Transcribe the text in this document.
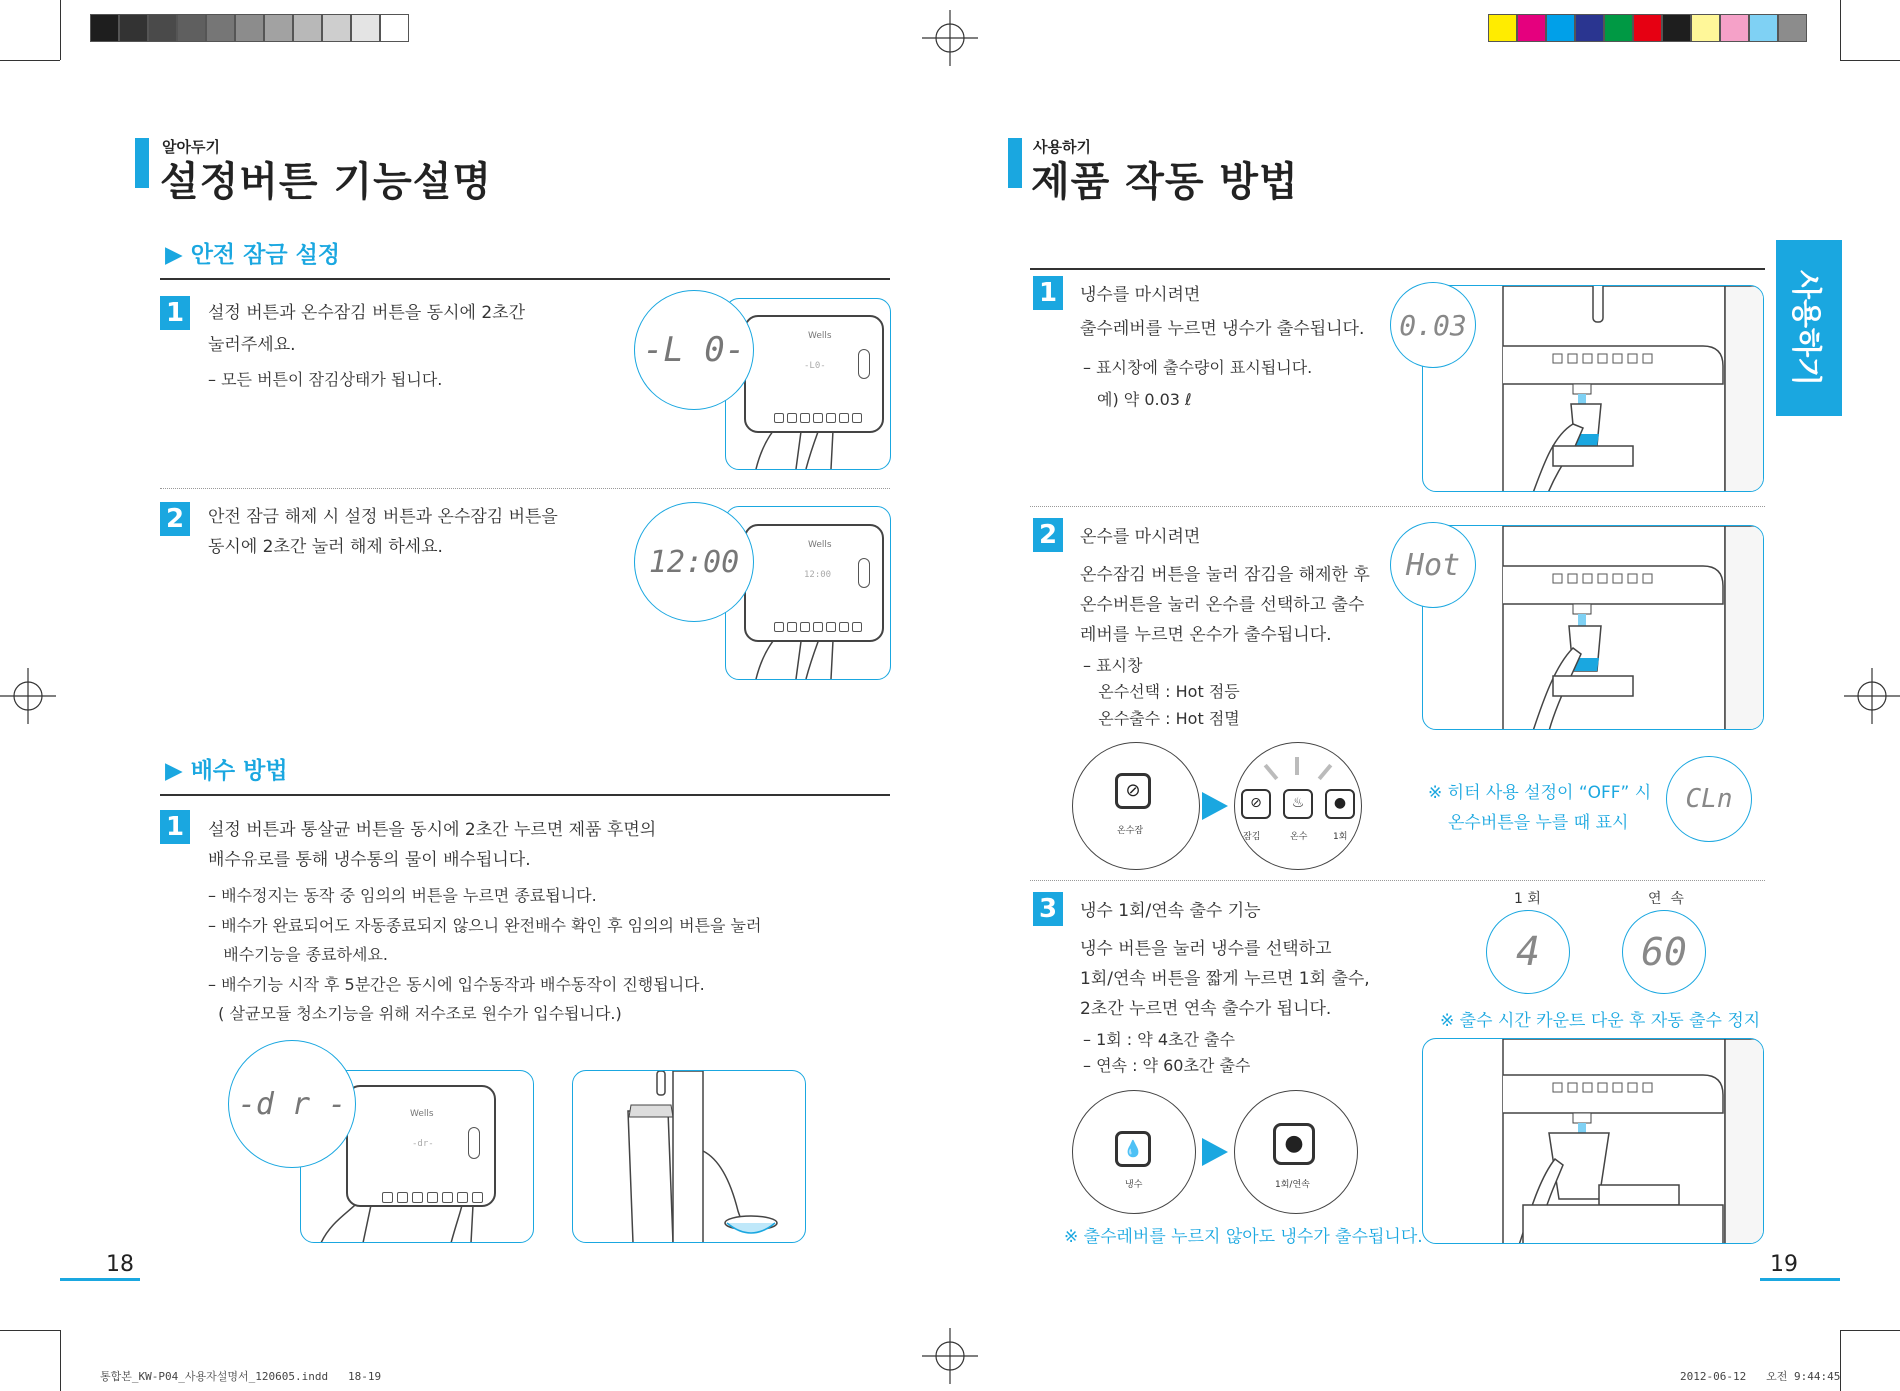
알아두기
설정버튼 기능설명
▶ 안전 잠금 설정
1	설정 버튼과 온수잠김 버튼을 동시에 2초간
눌러주세요.
– 모든 버튼이 잠김상태가 됩니다.
Wells
-L0-
-L 0-
2	안전 잠금 해제 시 설정 버튼과 온수잠김 버튼을
동시에 2초간 눌러 해제 하세요.	Wells
12:00
12:00
▶ 배수 방법
1	설정 버튼과 통살균 버튼을 동시에 2초간 누르면 제품 후면의
배수유로를 통해 냉수통의 물이 배수됩니다.
– 배수정지는 동작 중 임의의 버튼을 누르면 종료됩니다.
– 배수가 완료되어도 자동종료되지 않으니 완전배수 확인 후 임의의 버튼을 눌러
배수기능을 종료하세요.
– 배수기능 시작 후 5분간은 동시에 입수동작과 배수동작이 진행됩니다.
( 살균모듈 청소기능을 위해 저수조로 원수가 입수됩니다.)
Wells
-dr-
-d r -
18
사용하기
제품 작동 방법
사용하기
1	냉수를 마시려면
출수레버를 누르면 냉수가 출수됩니다.
– 표시창에 출수량이 표시됩니다.
예) 약 0.03 ℓ
0.03
2	온수를 마시려면
온수잠김 버튼을 눌러 잠김을 해제한 후
온수버튼을 눌러 온수를 선택하고 출수
레버를 누르면 온수가 출수됩니다.
– 표시창
온수선택 : Hot 점등
온수출수 : Hot 점멸
Hot
⊘
온수잠
⊘	♨	●
잠김	온수	1회
※ 히터 사용 설정이 “OFF” 시
온수버튼을 누를 때 표시
CLn
3	냉수 1회/연속 출수 기능
냉수 버튼을 눌러 냉수를 선택하고
1회/연속 버튼을 짧게 누르면 1회 출수,
2초간 누르면 연속 출수가 됩니다.
– 1회 : 약 4초간 출수
– 연속 : 약 60초간 출수
1 회	연  속
4	60
※ 출수 시간 카운트 다운 후 자동 출수 정지
💧
냉수
●
1회/연속
※ 출수레버를 누르지 않아도 냉수가 출수됩니다.
19
통합본_KW-P04_사용자설명서_120605.indd   18-19	2012-06-12   오전 9:44:45
